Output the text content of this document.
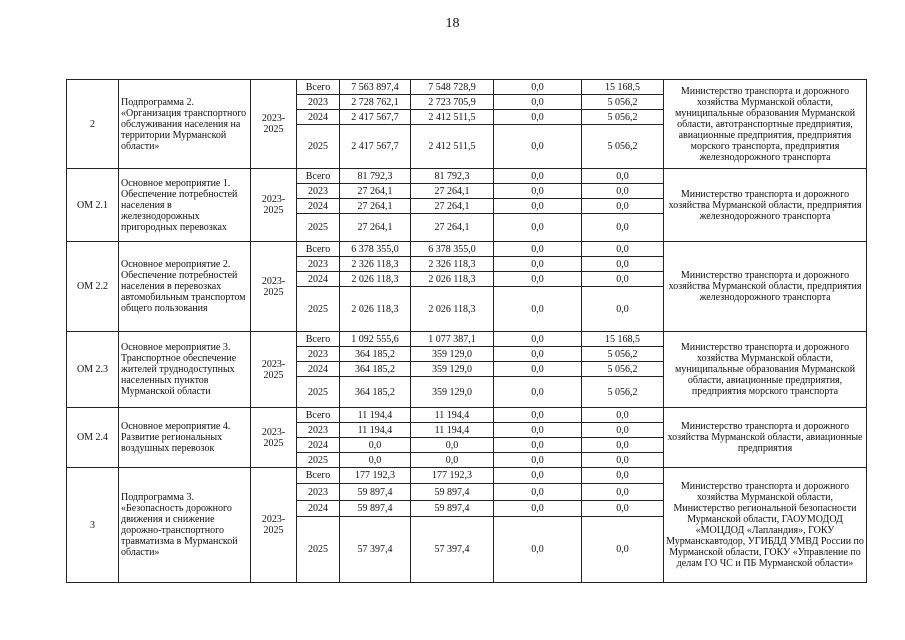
18
2	Подпрограмма 2. «Организация транспортного обслуживания населения на территории Мурманской области»	2023-2025	Всего	7 563 897,4	7 548 728,9	0,0	15 168,5	Министерство транспорта и дорожного хозяйства Мурманской области, муниципальные образования Мурманской области, автотранспортные предприятия, авиационные предприятия, предприятия морского транспорта, предприятия железнодорожного транспорта
			2023	2 728 762,1	2 723 705,9	0,0	5 056,2	
			2024	2 417 567,7	2 412 511,5	0,0	5 056,2	
			2025	2 417 567,7	2 412 511,5	0,0	5 056,2	
ОМ 2.1	Основное мероприятие 1. Обеспечение потребностей населения в железнодорожных пригородных перевозках	2023-2025	Всего	81 792,3	81 792,3	0,0	0,0	Министерство транспорта и дорожного хозяйства Мурманской области, предприятия железнодорожного транспорта
			2023	27 264,1	27 264,1	0,0	0,0	
			2024	27 264,1	27 264,1	0,0	0,0	
			2025	27 264,1	27 264,1	0,0	0,0	
ОМ 2.2	Основное мероприятие 2. Обеспечение потребностей населения в перевозках автомобильным транспортом общего пользования	2023-2025	Всего	6 378 355,0	6 378 355,0	0,0	0,0	Министерство транспорта и дорожного хозяйства Мурманской области, предприятия железнодорожного транспорта
			2023	2 326 118,3	2 326 118,3	0,0	0,0	
			2024	2 026 118,3	2 026 118,3	0,0	0,0	
			2025	2 026 118,3	2 026 118,3	0,0	0,0	
ОМ 2.3	Основное мероприятие 3. Транспортное обеспечение жителей труднодоступных населенных пунктов Мурманской области	2023-2025	Всего	1 092 555,6	1 077 387,1	0,0	15 168,5	Министерство транспорта и дорожного хозяйства Мурманской области, муниципальные образования Мурманской области, авиационные предприятия, предприятия морского транспорта
			2023	364 185,2	359 129,0	0,0	5 056,2	
			2024	364 185,2	359 129,0	0,0	5 056,2	
			2025	364 185,2	359 129,0	0,0	5 056,2	
ОМ 2.4	Основное мероприятие 4. Развитие региональных воздушных перевозок	2023-2025	Всего	11 194,4	11 194,4	0,0	0,0	Министерство транспорта и дорожного хозяйства Мурманской области, авиационные предприятия
			2023	11 194,4	11 194,4	0,0	0,0	
			2024	0,0	0,0	0,0	0,0	
			2025	0,0	0,0	0,0	0,0	
3	Подпрограмма 3. «Безопасность дорожного движения и снижение дорожно-транспортного травматизма в Мурманской области»	2023-2025	Всего	177 192,3	177 192,3	0,0	0,0	Министерство транспорта и дорожного хозяйства Мурманской области, Министерство региональной безопасности Мурманской области, ГАОУМОДОД «МОЦДОД «Лапландия», ГОКУ Мурманскавтодор, УГИБДД УМВД России по Мурманской области, ГОКУ «Управление по делам ГО ЧС и ПБ Мурманской области»
			2023	59 897,4	59 897,4	0,0	0,0	
			2024	59 897,4	59 897,4	0,0	0,0	
			2025	57 397,4	57 397,4	0,0	0,0	
